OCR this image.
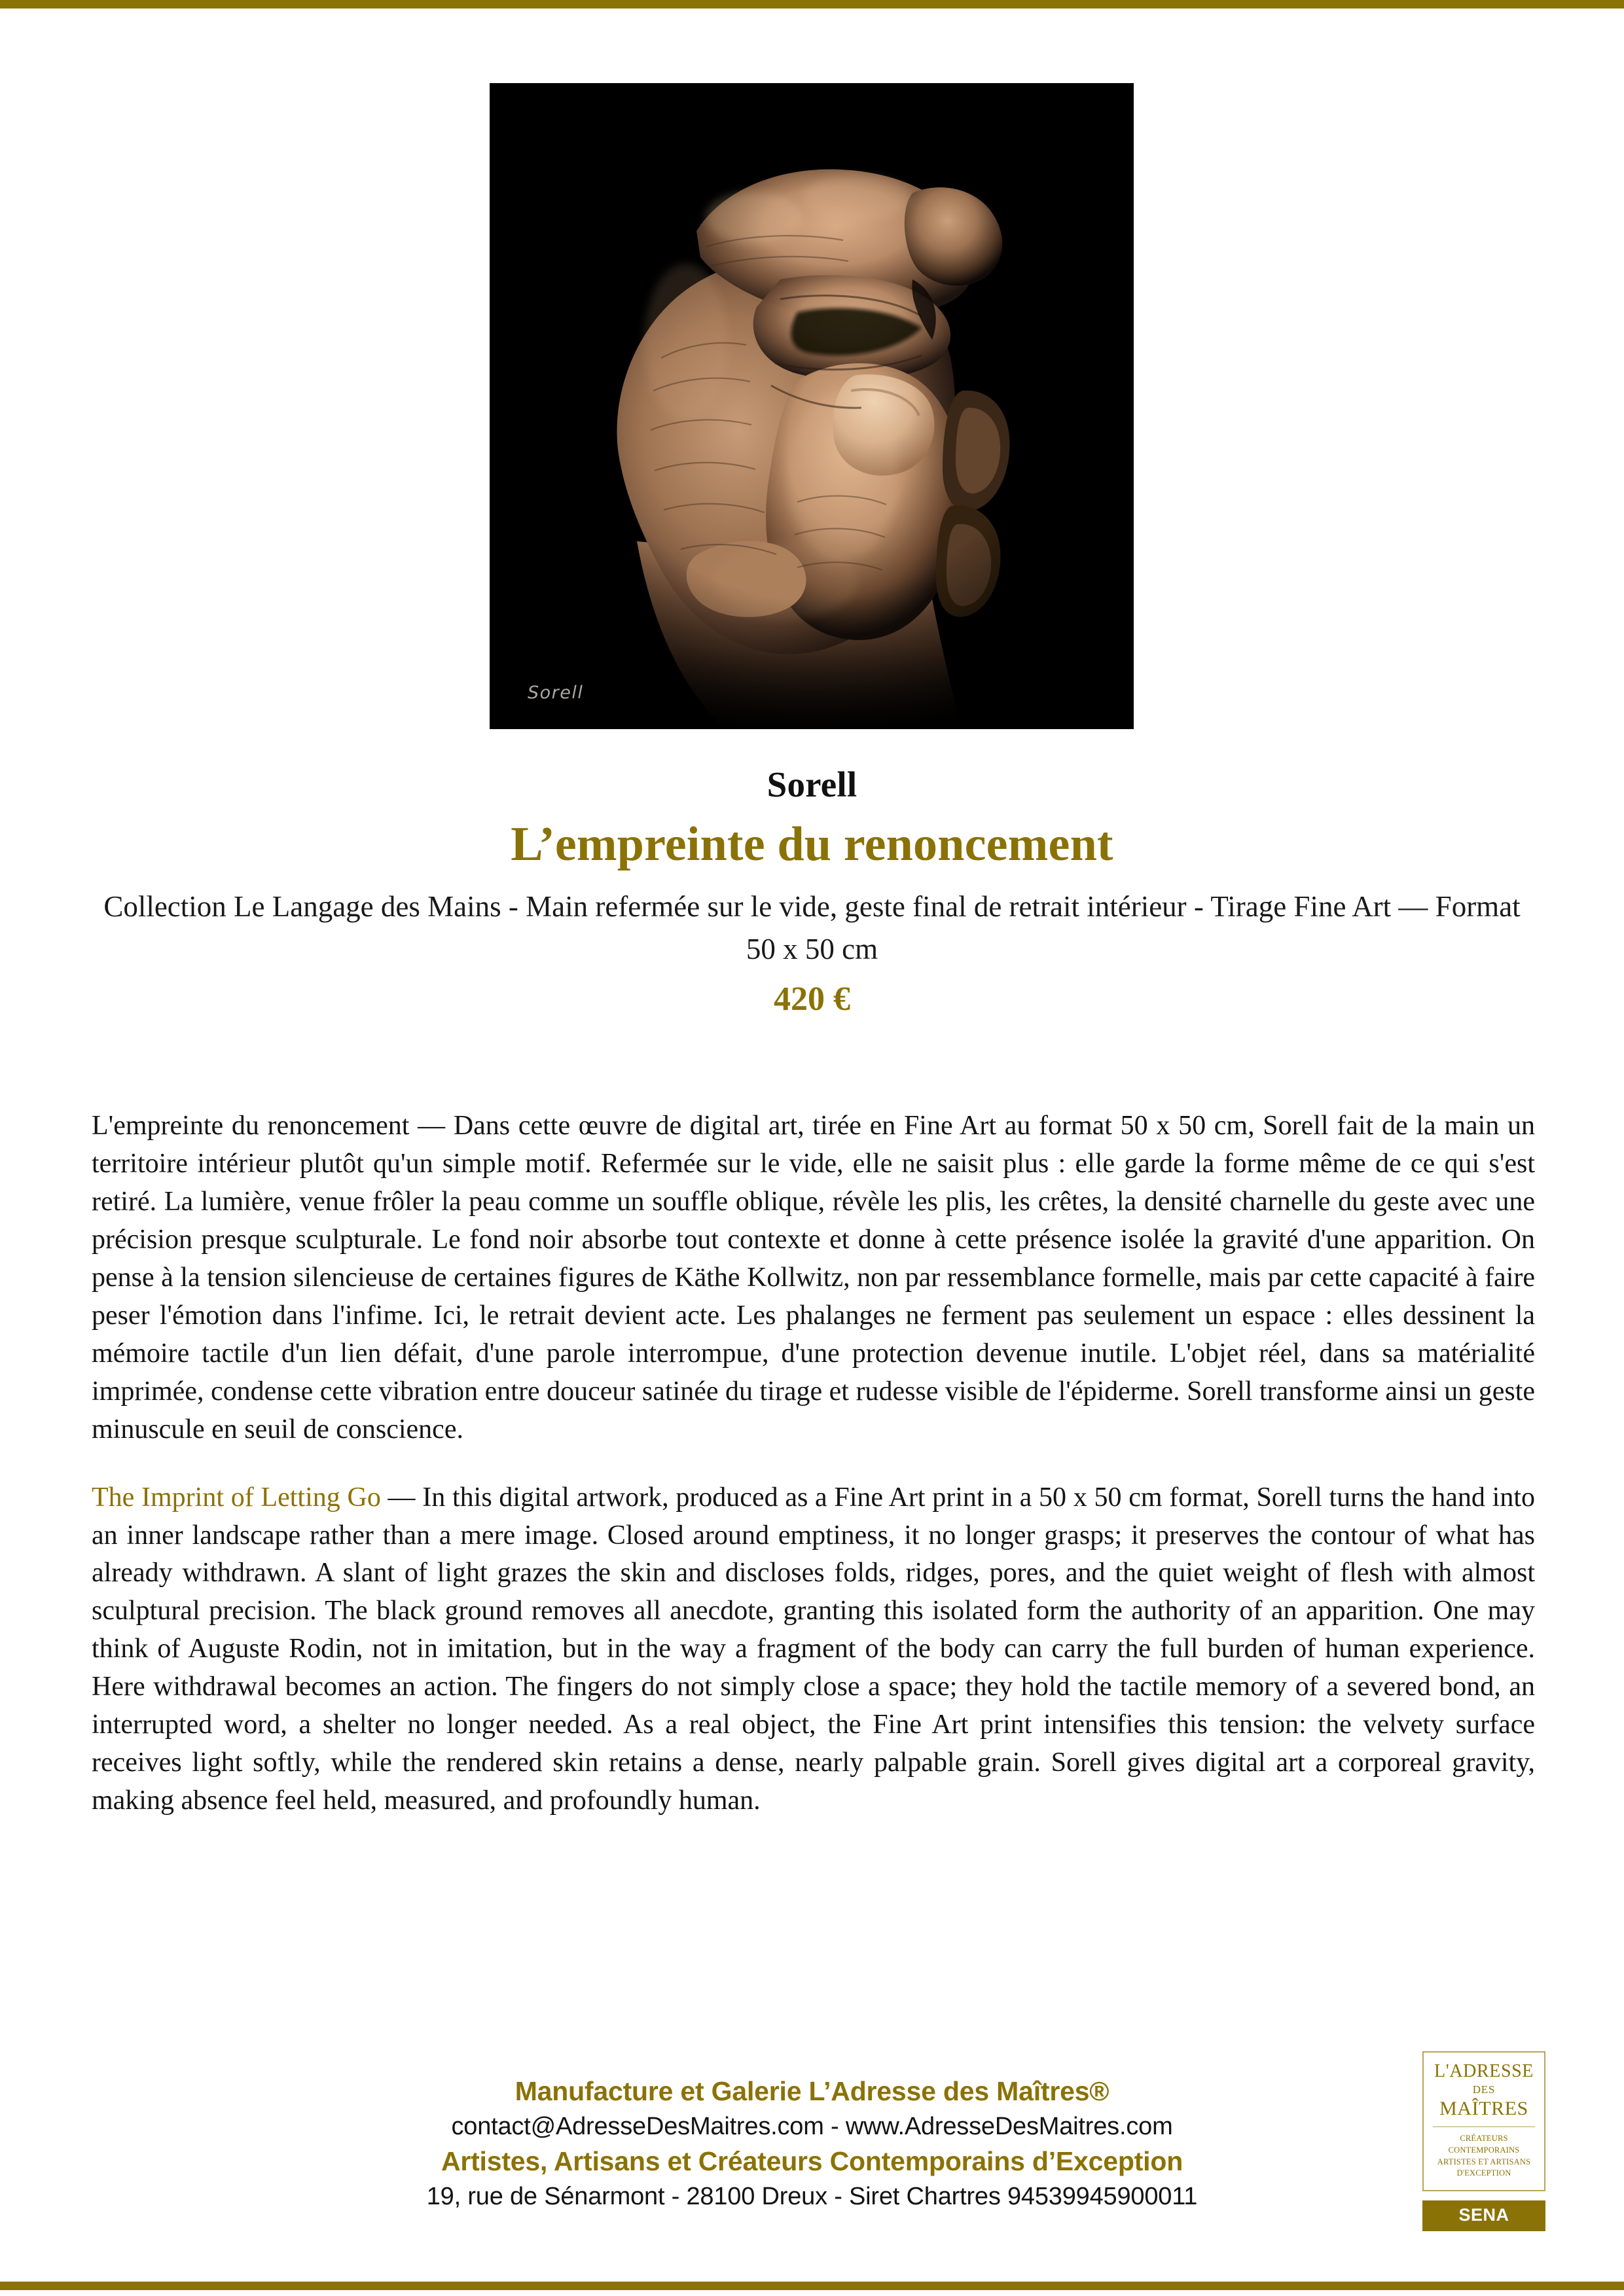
Sorell
Sorell
L’empreinte du renoncement
Collection Le Langage des Mains - Main refermée sur le vide, geste final de retrait intérieur - Tirage Fine Art — Format 50 x 50 cm
420 €

L'empreinte du renoncement — Dans cette œuvre de digital art, tirée en Fine Art au format 50 x 50 cm, Sorell fait de la main un territoire intérieur plutôt qu'un simple motif. Refermée sur le vide, elle ne saisit plus : elle garde la forme même de ce qui s'est retiré. La lumière, venue frôler la peau comme un souffle oblique, révèle les plis, les crêtes, la densité charnelle du geste avec une précision presque sculpturale. Le fond noir absorbe tout contexte et donne à cette présence isolée la gravité d'une apparition. On pense à la tension silencieuse de certaines figures de Käthe Kollwitz, non par ressemblance formelle, mais par cette capacité à faire peser l'émotion dans l'infime. Ici, le retrait devient acte. Les phalanges ne ferment pas seulement un espace : elles dessinent la mémoire tactile d'un lien défait, d'une parole interrompue, d'une protection devenue inutile. L'objet réel, dans sa matérialité imprimée, condense cette vibration entre douceur satinée du tirage et rudesse visible de l'épiderme. Sorell transforme ainsi un geste minuscule en seuil de conscience.

The Imprint of Letting Go — In this digital artwork, produced as a Fine Art print in a 50 x 50 cm format, Sorell turns the hand into an inner landscape rather than a mere image. Closed around emptiness, it no longer grasps; it preserves the contour of what has already withdrawn. A slant of light grazes the skin and discloses folds, ridges, pores, and the quiet weight of flesh with almost sculptural precision. The black ground removes all anecdote, granting this isolated form the authority of an apparition. One may think of Auguste Rodin, not in imitation, but in the way a fragment of the body can carry the full burden of human experience. Here withdrawal becomes an action. The fingers do not simply close a space; they hold the tactile memory of a severed bond, an interrupted word, a shelter no longer needed. As a real object, the Fine Art print intensifies this tension: the velvety surface receives light softly, while the rendered skin retains a dense, nearly palpable grain. Sorell gives digital art a corporeal gravity, making absence feel held, measured, and profoundly human.

Manufacture et Galerie L’Adresse des Maîtres®
contact@AdresseDesMaitres.com - www.AdresseDesMaitres.com
Artistes, Artisans et Créateurs Contemporains d’Exception
19, rue de Sénarmont - 28100 Dreux - Siret Chartres 94539945900011
L'ADRESSE
DES
MAÎTRES
CRÉATEURS CONTEMPORAINS
ARTISTES ET ARTISANS
D'EXCEPTION
SENA
